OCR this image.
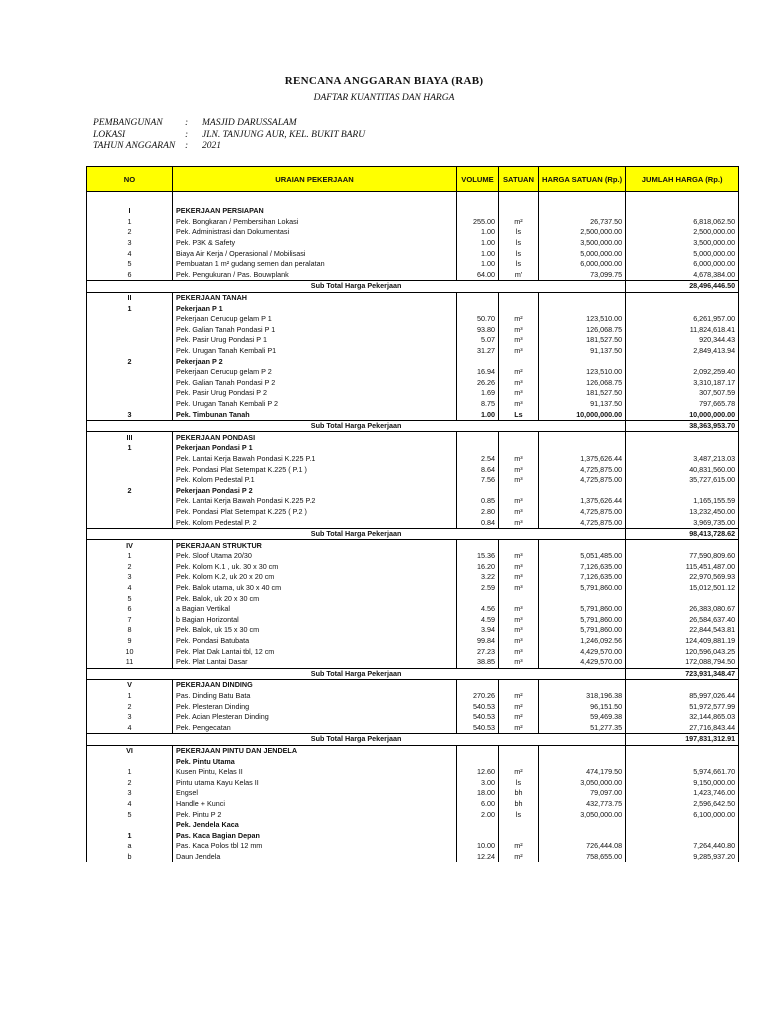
RENCANA ANGGARAN BIAYA (RAB)
DAFTAR KUANTITAS DAN HARGA
PEMBANGUNAN	:	MASJID DARUSSALAM
LOKASI	:	JLN. TANJUNG AUR, KEL. BUKIT BARU
TAHUN ANGGARAN	:	2021
NO	URAIAN PEKERJAAN	VOLUME	SATUAN	HARGA SATUAN (Rp.)	JUMLAH HARGA (Rp.)

I	PEKERJAAN PERSIAPAN				
1	Pek. Bongkaran / Pembersihan Lokasi	255.00	m²	26,737.50	6,818,062.50
2	Pek. Administrasi dan Dokumentasi	1.00	ls	2,500,000.00	2,500,000.00
3	Pek. P3K & Safety	1.00	ls	3,500,000.00	3,500,000.00
4	Biaya Air Kerja / Operasional / Mobilisasi	1.00	ls	5,000,000.00	5,000,000.00
5	Pembuatan 1 m² gudang semen dan peralatan	1.00	ls	6,000,000.00	6,000,000.00
6	Pek. Pengukuran / Pas. Bouwplank	64.00	m'	73,099.75	4,678,384.00
Sub Total Harga Pekerjaan					28,496,446.50
II	PEKERJAAN TANAH				
1	Pekerjaan P 1				
	Pekerjaan Cerucup gelam P 1	50.70	m²	123,510.00	6,261,957.00
	Pek. Galian Tanah Pondasi P 1	93.80	m³	126,068.75	11,824,618.41
	Pek. Pasir Urug Pondasi P 1	5.07	m³	181,527.50	920,344.43
	Pek. Urugan Tanah Kembali P1	31.27	m³	91,137.50	2,849,413.94
2	Pekerjaan P 2				
	Pekerjaan Cerucup gelam P 2	16.94	m²	123,510.00	2,092,259.40
	Pek. Galian Tanah Pondasi P 2	26.26	m³	126,068.75	3,310,187.17
	Pek. Pasir Urug Pondasi P 2	1.69	m³	181,527.50	307,507.59
	Pek. Urugan Tanah Kembali P 2	8.75	m³	91,137.50	797,665.78
3	Pek. Timbunan Tanah	1.00	Ls	10,000,000.00	10,000,000.00
Sub Total Harga Pekerjaan					38,363,953.70
III	PEKERJAAN PONDASI				
1	Pekerjaan Pondasi P 1				
	Pek. Lantai Kerja Bawah Pondasi K.225 P.1	2.54	m³	1,375,626.44	3,487,213.03
	Pek. Pondasi Plat Setempat K.225 ( P.1 )	8.64	m³	4,725,875.00	40,831,560.00
	Pek. Kolom Pedestal P.1	7.56	m³	4,725,875.00	35,727,615.00
2	Pekerjaan Pondasi P 2				
	Pek. Lantai Kerja Bawah Pondasi K.225 P.2	0.85	m³	1,375,626.44	1,165,155.59
	Pek. Pondasi Plat Setempat K.225 ( P.2 )	2.80	m³	4,725,875.00	13,232,450.00
	Pek. Kolom Pedestal P. 2	0.84	m³	4,725,875.00	3,969,735.00
Sub Total Harga Pekerjaan					98,413,728.62
IV	PEKERJAAN STRUKTUR				
1	Pek. Sloof Utama 20/30	15.36	m³	5,051,485.00	77,590,809.60
2	Pek. Kolom K.1 , uk. 30 x 30 cm	16.20	m³	7,126,635.00	115,451,487.00
3	Pek. Kolom K.2, uk 20 x 20 cm	3.22	m³	7,126,635.00	22,970,569.93
4	Pek. Balok utama, uk 30 x 40 cm	2.59	m³	5,791,860.00	15,012,501.12
5	Pek. Balok, uk 20 x 30 cm				
6	a Bagian Vertikal	4.56	m³	5,791,860.00	26,383,080.67
7	b Bagian Horizontal	4.59	m³	5,791,860.00	26,584,637.40
8	Pek. Balok, uk 15 x 30 cm	3.94	m³	5,791,860.00	22,844,543.81
9	Pek. Pondasi Batubata	99.84	m³	1,246,092.56	124,409,881.19
10	Pek. Plat Dak Lantai tbl, 12 cm	27.23	m³	4,429,570.00	120,596,043.25
11	Pek. Plat Lantai Dasar	38.85	m³	4,429,570.00	172,088,794.50
Sub Total Harga Pekerjaan					723,931,348.47
V	PEKERJAAN DINDING				
1	Pas. Dinding Batu Bata	270.26	m²	318,196.38	85,997,026.44
2	Pek. Plesteran Dinding	540.53	m²	96,151.50	51,972,577.99
3	Pek. Acian Plesteran Dinding	540.53	m²	59,469.38	32,144,865.03
4	Pek. Pengecatan	540.53	m²	51,277.35	27,716,843.44
Sub Total Harga Pekerjaan					197,831,312.91
VI	PEKERJAAN PINTU DAN JENDELA				
	Pek. Pintu Utama				
1	Kusen Pintu, Kelas II	12.60	m²	474,179.50	5,974,661.70
2	Pintu utama Kayu Kelas II	3.00	ls	3,050,000.00	9,150,000.00
3	Engsel	18.00	bh	79,097.00	1,423,746.00
4	Handle + Kunci	6.00	bh	432,773.75	2,596,642.50
5	Pek. Pintu P 2	2.00	ls	3,050,000.00	6,100,000.00
	Pek. Jendela Kaca				
1	Pas. Kaca Bagian Depan				
a	Pas. Kaca Polos tbl 12 mm	10.00	m²	726,444.08	7,264,440.80
b	Daun Jendela	12.24	m²	758,655.00	9,285,937.20
